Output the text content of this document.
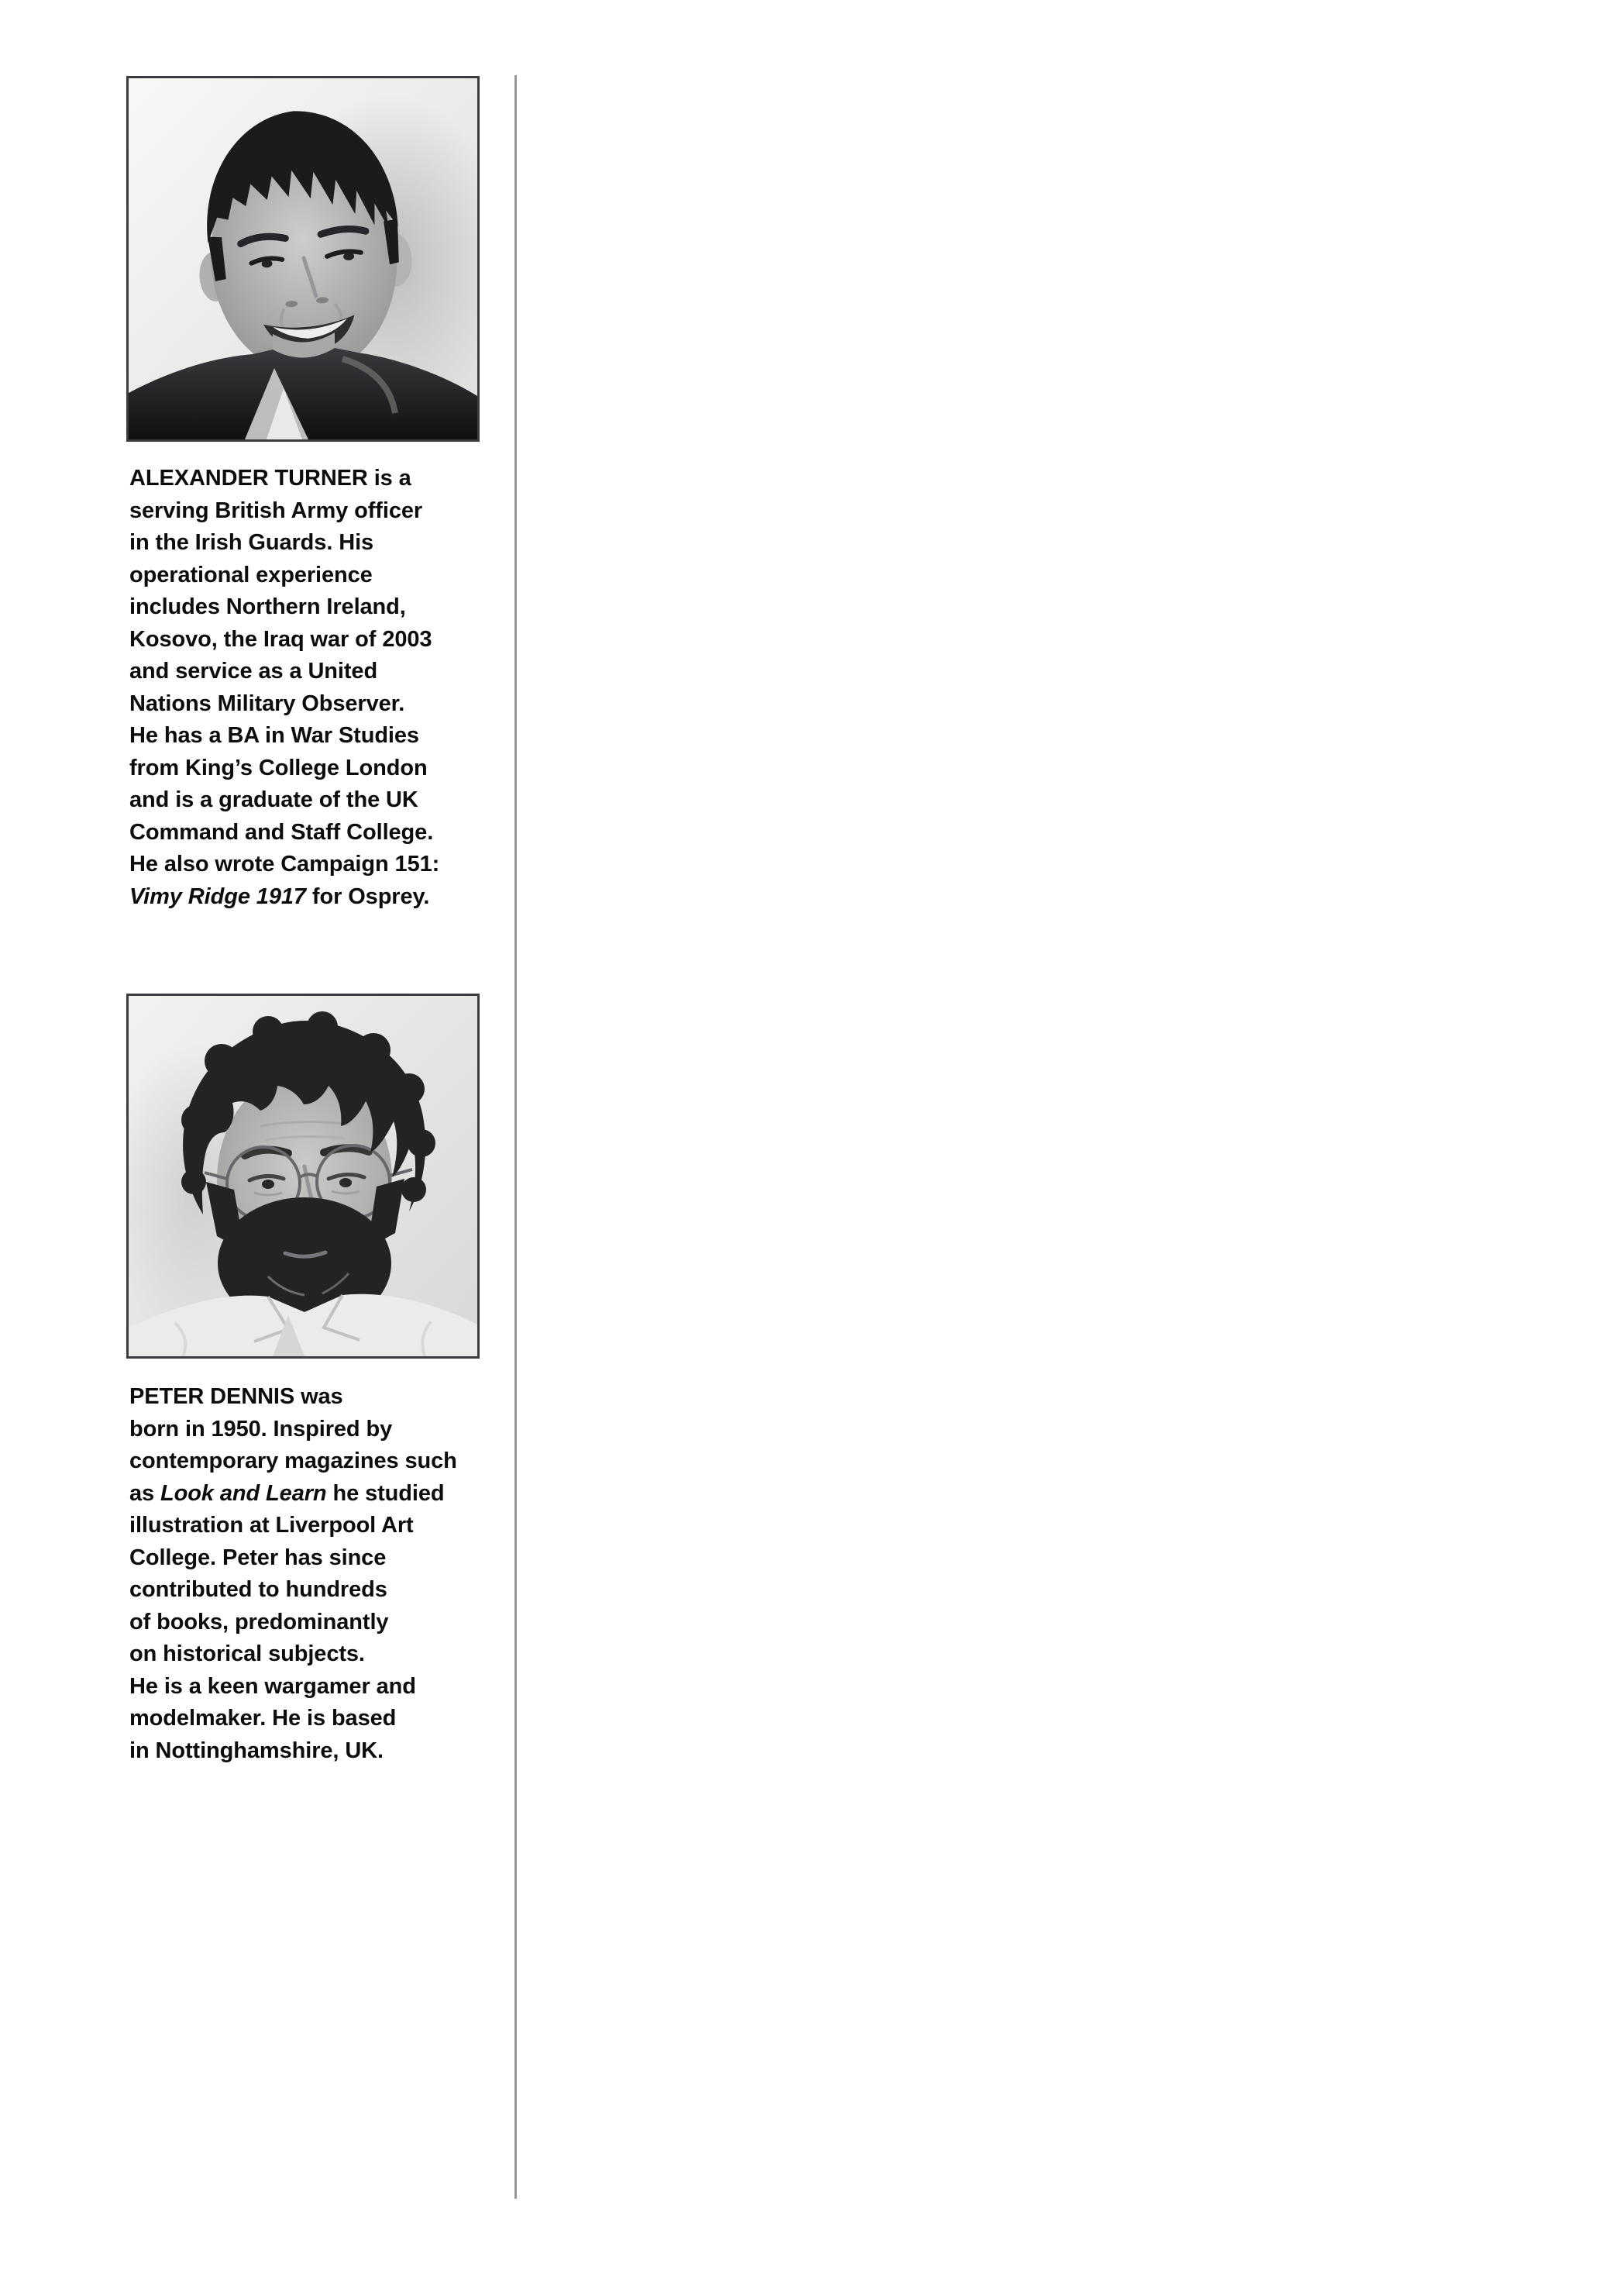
ALEXANDER TURNER is a
serving British Army officer
in the Irish Guards. His
operational experience
includes Northern Ireland,
Kosovo, the Iraq war of 2003
and service as a United
Nations Military Observer.
He has a BA in War Studies
from King’s College London
and is a graduate of the UK
Command and Staff College.
He also wrote Campaign 151:
Vimy Ridge 1917 for Osprey.
PETER DENNIS was
born in 1950. Inspired by
contemporary magazines such
as Look and Learn he studied
illustration at Liverpool Art
College. Peter has since
contributed to hundreds
of books, predominantly
on historical subjects.
He is a keen wargamer and
modelmaker. He is based
in Nottinghamshire, UK.
